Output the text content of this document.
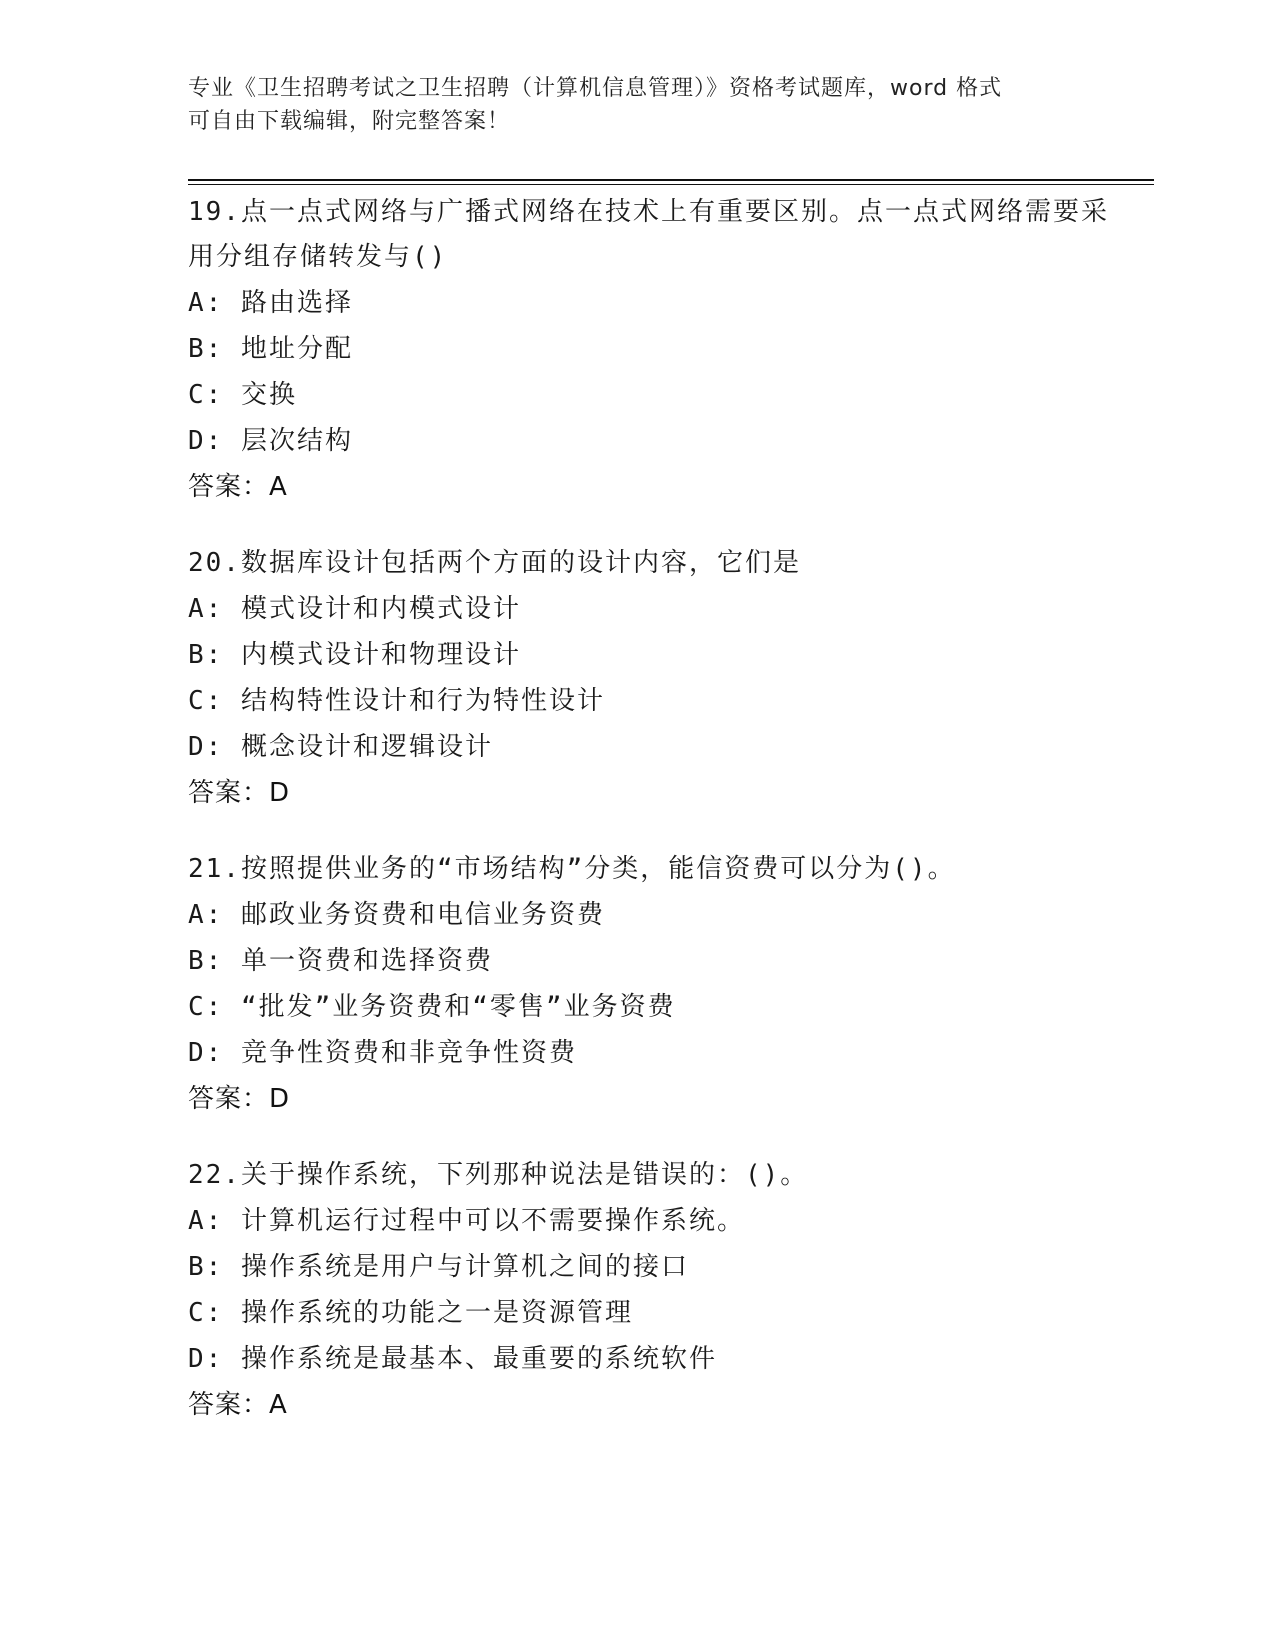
专业《卫生招聘考试之卫生招聘（计算机信息管理）》资格考试题库，word 格式
可自由下载编辑，附完整答案！
19.点一点式网络与广播式网络在技术上有重要区别。点一点式网络需要采用分组存储转发与()
A: 路由选择
B: 地址分配
C: 交换
D: 层次结构
答案：A
20.数据库设计包括两个方面的设计内容，它们是
A: 模式设计和内模式设计
B: 内模式设计和物理设计
C: 结构特性设计和行为特性设计
D: 概念设计和逻辑设计
答案：D
21.按照提供业务的“市场结构”分类，能信资费可以分为()。
A: 邮政业务资费和电信业务资费
B: 单一资费和选择资费
C: “批发”业务资费和“零售”业务资费
D: 竞争性资费和非竞争性资费
答案：D
22.关于操作系统，下列那种说法是错误的：()。
A: 计算机运行过程中可以不需要操作系统。
B: 操作系统是用户与计算机之间的接口
C: 操作系统的功能之一是资源管理
D: 操作系统是最基本、最重要的系统软件
答案：A
